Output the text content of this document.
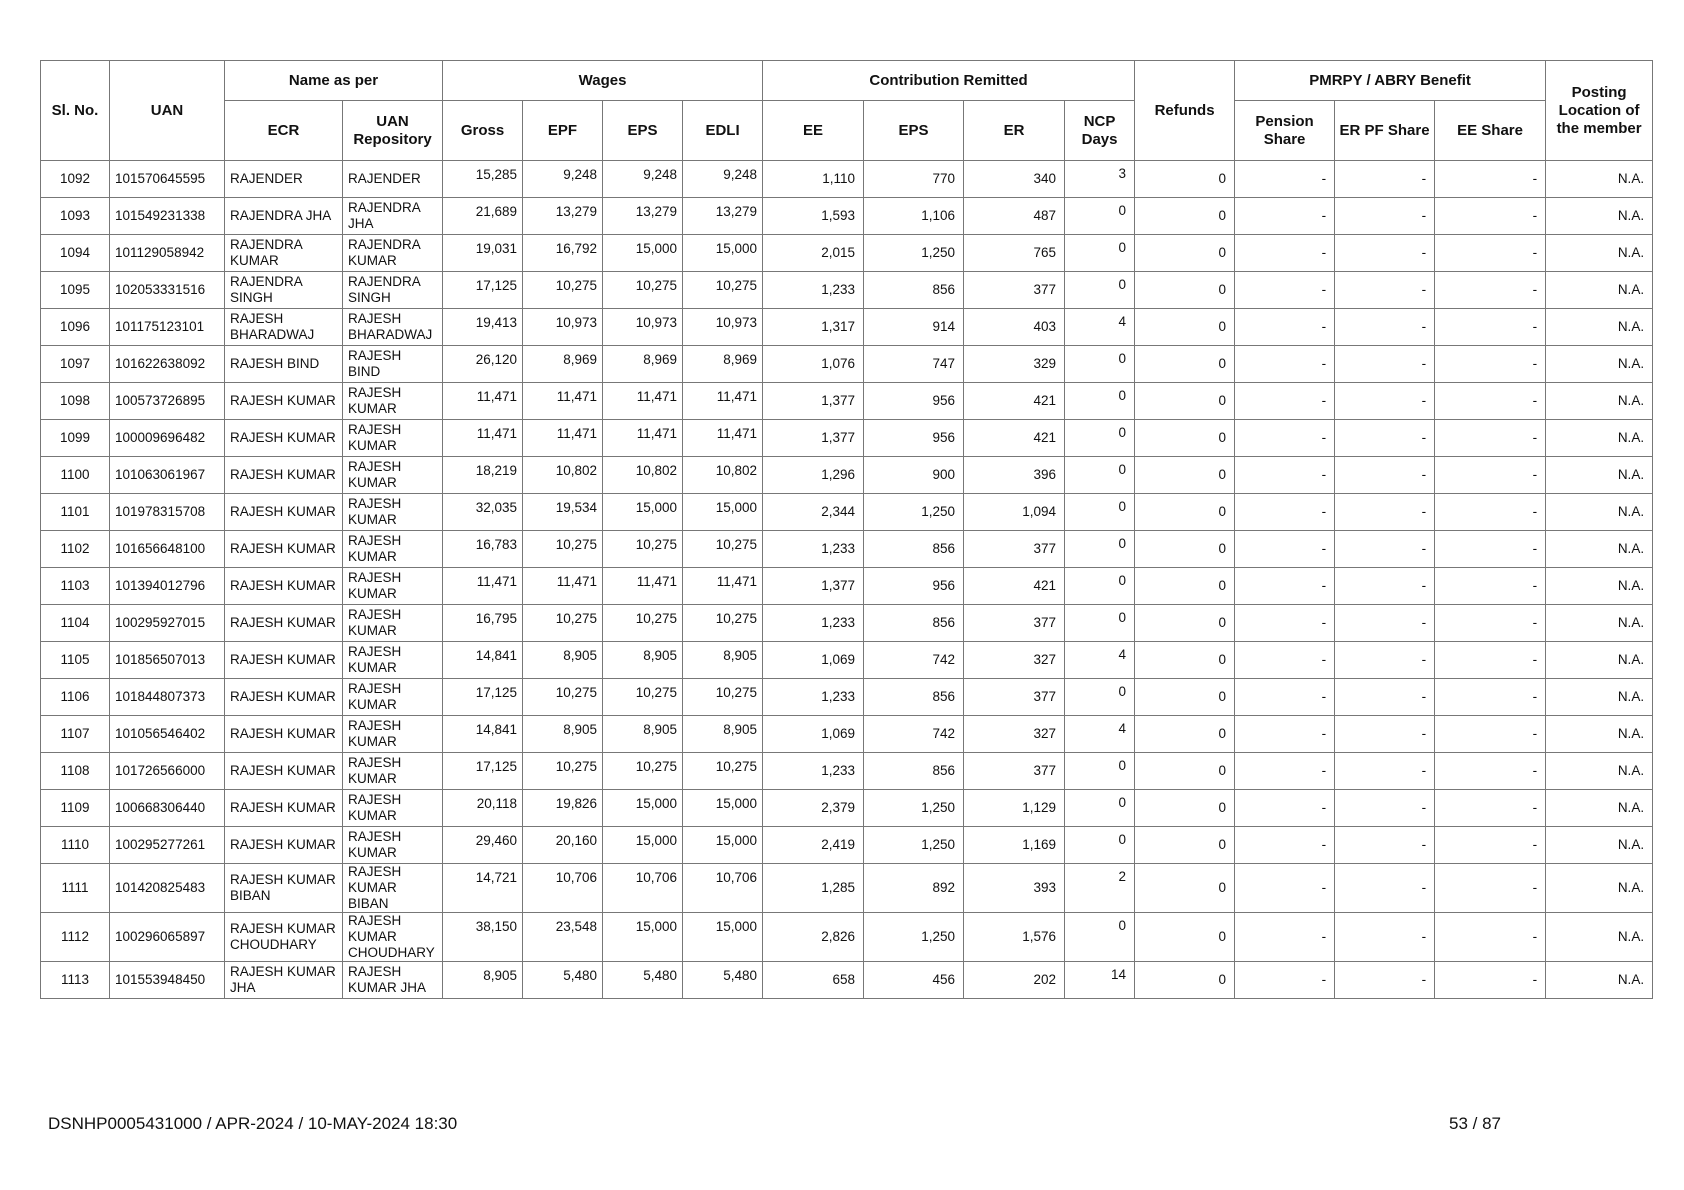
Sl. No.	UAN	Name as per		Wages				Contribution Remitted				Refunds	PMRPY / ABRY Benefit			Posting Location of the member
		ECR	UAN Repository	Gross	EPF	EPS	EDLI	EE	EPS	ER	NCP Days		Pension Share	ER PF Share	EE Share	
1092	101570645595	RAJENDER	RAJENDER	15,285	9,248	9,248	9,248	1,110	770	340	3	0	-	-	-	N.A.
1093	101549231338	RAJENDRA JHA	RAJENDRA JHA	21,689	13,279	13,279	13,279	1,593	1,106	487	0	0	-	-	-	N.A.
1094	101129058942	RAJENDRA KUMAR	RAJENDRA KUMAR	19,031	16,792	15,000	15,000	2,015	1,250	765	0	0	-	-	-	N.A.
1095	102053331516	RAJENDRA SINGH	RAJENDRA SINGH	17,125	10,275	10,275	10,275	1,233	856	377	0	0	-	-	-	N.A.
1096	101175123101	RAJESH BHARADWAJ	RAJESH BHARADWAJ	19,413	10,973	10,973	10,973	1,317	914	403	4	0	-	-	-	N.A.
1097	101622638092	RAJESH BIND	RAJESH BIND	26,120	8,969	8,969	8,969	1,076	747	329	0	0	-	-	-	N.A.
1098	100573726895	RAJESH KUMAR	RAJESH KUMAR	11,471	11,471	11,471	11,471	1,377	956	421	0	0	-	-	-	N.A.
1099	100009696482	RAJESH KUMAR	RAJESH KUMAR	11,471	11,471	11,471	11,471	1,377	956	421	0	0	-	-	-	N.A.
1100	101063061967	RAJESH KUMAR	RAJESH KUMAR	18,219	10,802	10,802	10,802	1,296	900	396	0	0	-	-	-	N.A.
1101	101978315708	RAJESH KUMAR	RAJESH KUMAR	32,035	19,534	15,000	15,000	2,344	1,250	1,094	0	0	-	-	-	N.A.
1102	101656648100	RAJESH KUMAR	RAJESH KUMAR	16,783	10,275	10,275	10,275	1,233	856	377	0	0	-	-	-	N.A.
1103	101394012796	RAJESH KUMAR	RAJESH KUMAR	11,471	11,471	11,471	11,471	1,377	956	421	0	0	-	-	-	N.A.
1104	100295927015	RAJESH KUMAR	RAJESH KUMAR	16,795	10,275	10,275	10,275	1,233	856	377	0	0	-	-	-	N.A.
1105	101856507013	RAJESH KUMAR	RAJESH KUMAR	14,841	8,905	8,905	8,905	1,069	742	327	4	0	-	-	-	N.A.
1106	101844807373	RAJESH KUMAR	RAJESH KUMAR	17,125	10,275	10,275	10,275	1,233	856	377	0	0	-	-	-	N.A.
1107	101056546402	RAJESH KUMAR	RAJESH KUMAR	14,841	8,905	8,905	8,905	1,069	742	327	4	0	-	-	-	N.A.
1108	101726566000	RAJESH KUMAR	RAJESH KUMAR	17,125	10,275	10,275	10,275	1,233	856	377	0	0	-	-	-	N.A.
1109	100668306440	RAJESH KUMAR	RAJESH KUMAR	20,118	19,826	15,000	15,000	2,379	1,250	1,129	0	0	-	-	-	N.A.
1110	100295277261	RAJESH KUMAR	RAJESH KUMAR	29,460	20,160	15,000	15,000	2,419	1,250	1,169	0	0	-	-	-	N.A.
1111	101420825483	RAJESH KUMAR BIBAN	RAJESH KUMAR BIBAN	14,721	10,706	10,706	10,706	1,285	892	393	2	0	-	-	-	N.A.
1112	100296065897	RAJESH KUMAR CHOUDHARY	RAJESH KUMAR CHOUDHARY	38,150	23,548	15,000	15,000	2,826	1,250	1,576	0	0	-	-	-	N.A.
1113	101553948450	RAJESH KUMAR JHA	RAJESH KUMAR JHA	8,905	5,480	5,480	5,480	658	456	202	14	0	-	-	-	N.A.
DSNHP0005431000 / APR-2024 / 10-MAY-2024 18:30	53 / 87
